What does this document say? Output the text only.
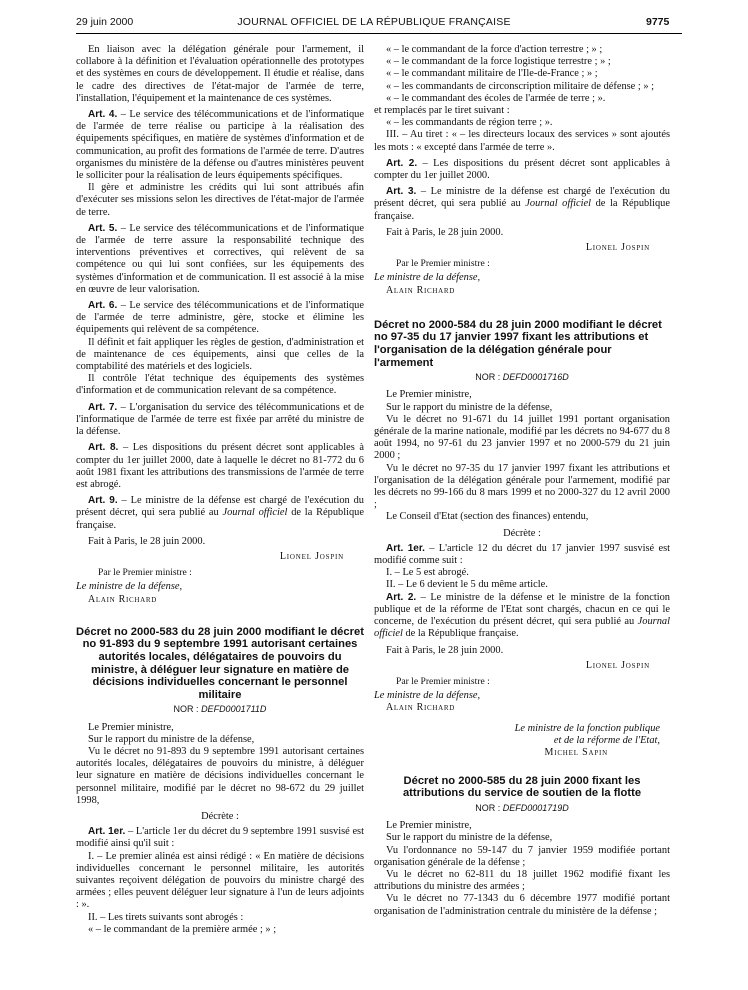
29 juin 2000	JOURNAL OFFICIEL DE LA RÉPUBLIQUE FRANÇAISE	9775

En liaison avec la délégation générale pour l'armement, il collabore à la définition et l'évaluation opérationnelle des prototypes et des systèmes en cours de développement. Il étudie et réalise, dans le cadre des directives de l'état-major de l'armée de terre, l'installation, l'équipement et la maintenance de ces systèmes.

Art. 4. – Le service des télécommunications et de l'informatique de l'armée de terre réalise ou participe à la réalisation des équipements spécifiques, en matière de systèmes d'information et de communication, au profit des formations de l'armée de terre. D'autres organismes du ministère de la défense ou d'autres ministères peuvent le solliciter pour la réalisation de leurs équipements spécifiques.

Il gère et administre les crédits qui lui sont attribués afin d'exécuter ses missions selon les directives de l'état-major de l'armée de terre.

Art. 5. – Le service des télécommunications et de l'informatique de l'armée de terre assure la responsabilité technique des interventions préventives et correctives, qui relèvent de sa compétence ou qui lui sont confiées, sur les équipements des systèmes d'information et de communication. Il est associé à la mise en œuvre de leur valorisation.

Art. 6. – Le service des télécommunications et de l'informatique de l'armée de terre administre, gère, stocke et élimine les équipements qui relèvent de sa compétence.

Il définit et fait appliquer les règles de gestion, d'administration et de maintenance de ces équipements, ainsi que celles de la comptabilité des matériels et des logiciels.

Il contrôle l'état technique des équipements des systèmes d'information et de communication relevant de sa compétence.

Art. 7. – L'organisation du service des télécommunications et de l'informatique de l'armée de terre est fixée par arrêté du ministre de la défense.

Art. 8. – Les dispositions du présent décret sont applicables à compter du 1er juillet 2000, date à laquelle le décret no 81-772 du 6 août 1981 fixant les attributions des transmissions de l'armée de terre est abrogé.

Art. 9. – Le ministre de la défense est chargé de l'exécution du présent décret, qui sera publié au Journal officiel de la République française.

Fait à Paris, le 28 juin 2000.

Lionel Jospin
Par le Premier ministre :
Le ministre de la défense,
Alain Richard
Décret no 2000-583 du 28 juin 2000 modifiant le décret no 91-893 du 9 septembre 1991 autorisant certaines autorités locales, délégataires de pouvoirs du ministre, à déléguer leur signature en matière de décisions individuelles concernant le personnel militaire
NOR : DEFD0001711D

Le Premier ministre,

Sur le rapport du ministre de la défense,

Vu le décret no 91-893 du 9 septembre 1991 autorisant certaines autorités locales, délégataires de pouvoirs du ministre, à déléguer leur signature en matière de décisions individuelles concernant le personnel militaire, modifié par le décret no 98-672 du 29 juillet 1998,

Décrète :

Art. 1er. – L'article 1er du décret du 9 septembre 1991 susvisé est modifié ainsi qu'il suit :

I. – Le premier alinéa est ainsi rédigé : « En matière de décisions individuelles concernant le personnel militaire, les autorités suivantes reçoivent délégation de pouvoirs du ministre chargé des armées ; elles peuvent déléguer leur signature à l'un de leurs adjoints : ».

II. – Les tirets suivants sont abrogés :

« – le commandant de la première armée ; » ;

« – le commandant de la force d'action terrestre ; » ;

« – le commandant de la force logistique terrestre ; » ;

« – le commandant militaire de l'Ile-de-France ; » ;

« – les commandants de circonscription militaire de défense ; » ;

« – le commandant des écoles de l'armée de terre ; ».

et remplacés par le tiret suivant :

« – les commandants de région terre ; ».

III. – Au tiret : « – les directeurs locaux des services » sont ajoutés les mots : « excepté dans l'armée de terre ».

Art. 2. – Les dispositions du présent décret sont applicables à compter du 1er juillet 2000.

Art. 3. – Le ministre de la défense est chargé de l'exécution du présent décret, qui sera publié au Journal officiel de la République française.

Fait à Paris, le 28 juin 2000.

Lionel Jospin
Par le Premier ministre :
Le ministre de la défense,
Alain Richard
Décret no 2000-584 du 28 juin 2000 modifiant le décret no 97-35 du 17 janvier 1997 fixant les attributions et l'organisation de la délégation générale pour l'armement
NOR : DEFD0001716D

Le Premier ministre,

Sur le rapport du ministre de la défense,

Vu le décret no 91-671 du 14 juillet 1991 portant organisation générale de la marine nationale, modifié par les décrets no 94-677 du 8 août 1994, no 97-61 du 23 janvier 1997 et no 2000-579 du 21 juin 2000 ;

Vu le décret no 97-35 du 17 janvier 1997 fixant les attributions et l'organisation de la délégation générale pour l'armement, modifié par les décrets no 99-166 du 8 mars 1999 et no 2000-327 du 12 avril 2000 ;

Le Conseil d'Etat (section des finances) entendu,

Décrète :

Art. 1er. – L'article 12 du décret du 17 janvier 1997 susvisé est modifié comme suit :

I. – Le 5 est abrogé.

II. – Le 6 devient le 5 du même article.

Art. 2. – Le ministre de la défense et le ministre de la fonction publique et de la réforme de l'Etat sont chargés, chacun en ce qui le concerne, de l'exécution du présent décret, qui sera publié au Journal officiel de la République française.

Fait à Paris, le 28 juin 2000.

Lionel Jospin
Par le Premier ministre :
Le ministre de la défense,
Alain Richard
Le ministre de la fonction publique
et de la réforme de l'Etat,
Michel Sapin
Décret no 2000-585 du 28 juin 2000 fixant les attributions du service de soutien de la flotte
NOR : DEFD0001719D

Le Premier ministre,

Sur le rapport du ministre de la défense,

Vu l'ordonnance no 59-147 du 7 janvier 1959 modifiée portant organisation générale de la défense ;

Vu le décret no 62-811 du 18 juillet 1962 modifié fixant les attributions du ministre des armées ;

Vu le décret no 77-1343 du 6 décembre 1977 modifié portant organisation de l'administration centrale du ministère de la défense ;
